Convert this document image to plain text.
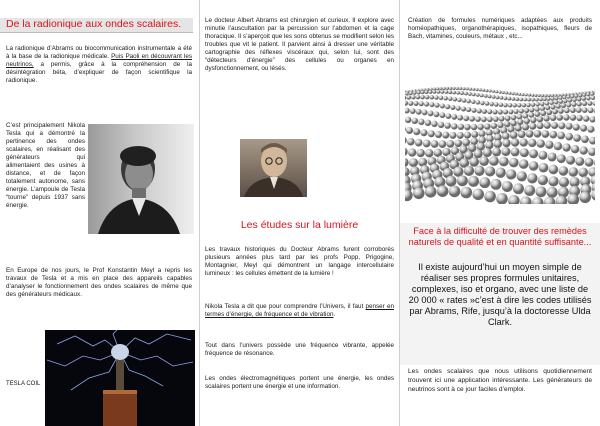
De la radionique aux ondes scalaires.

La radionique d’Abrams ou biocommunication instrumentale a été à la base de la radionique médicale. Puis Paoli en découvrant les neutrinos, a permis, grâce à la compréhension de la désintégration béta, d’expliquer de façon scientifique la radionique.

C’est principalement Nikola Tesla qui a démontré la pertinence des ondes scalaires, en réalisant des générateurs qui alimentaient des usines à distance, et de façon totalement autonome, sans énergie. L’ampoule de Tesla “tourne” depuis 1937 sans énergie.

En Europe de nos jours, le Prof Konstantin Meyl a repris les travaux de Tesla et a mis en place des appareils capables d’analyser le fonctionnement des ondes scalaires de même que des générateurs médicaux.

TESLA COIL

Le docteur Albert Abrams est chirurgien et curieux. Il explore avec minutie l’auscultation par la percussion sur l’abdomen et la cage thoracique. Il s’aperçoit que les sons obtenus se modifient selon les troubles que vit le patient. Il parvient ainsi à dresser une véritable cartographie des réflexes viscéraux qui, selon lui, sont des “détecteurs d’énergie” des cellules ou organes en dysfonctionnement, ou lésés.

Les études sur la lumière

Les travaux historiques du Docteur Abrams furent corroborés plusieurs années plus tard par les profs Popp, Prigogine, Montagnier, Meyl qui démontrent un langage intercellulaire lumineux : les cellules émettent de la lumière !

Nikola Tesla a dit que pour comprendre l’Univers, il faut penser en termes d’énergie, de fréquence et de vibration.

Tout dans l’univers possède une fréquence vibrante, appelée fréquence de résonance.

Les ondes électromagnétiques portent une énergie, les ondes scalaires portent une énergie et une information.

Création de formules numériques adaptées aux produits homéopathiques, organothérapiques, isopathiques, fleurs de Bach, vitamines, couleurs, métaux , etc...

Face à la difficulté de trouver des remèdes naturels de qualité et en quantité suffisante...

Il existe aujourd’hui un moyen simple de réaliser ses propres formules unitaires, complexes, iso et organo, avec une liste de 20 000 « rates »c’est à dire les codes utilisés par Abrams, Rife, jusqu’à la doctoresse Ulda Clark.

Les ondes scalaires que nous utilisons quotidiennement trouvent ici une application intéressante. Les générateurs de neutrinos sont à ce jour faciles d’emploi.
